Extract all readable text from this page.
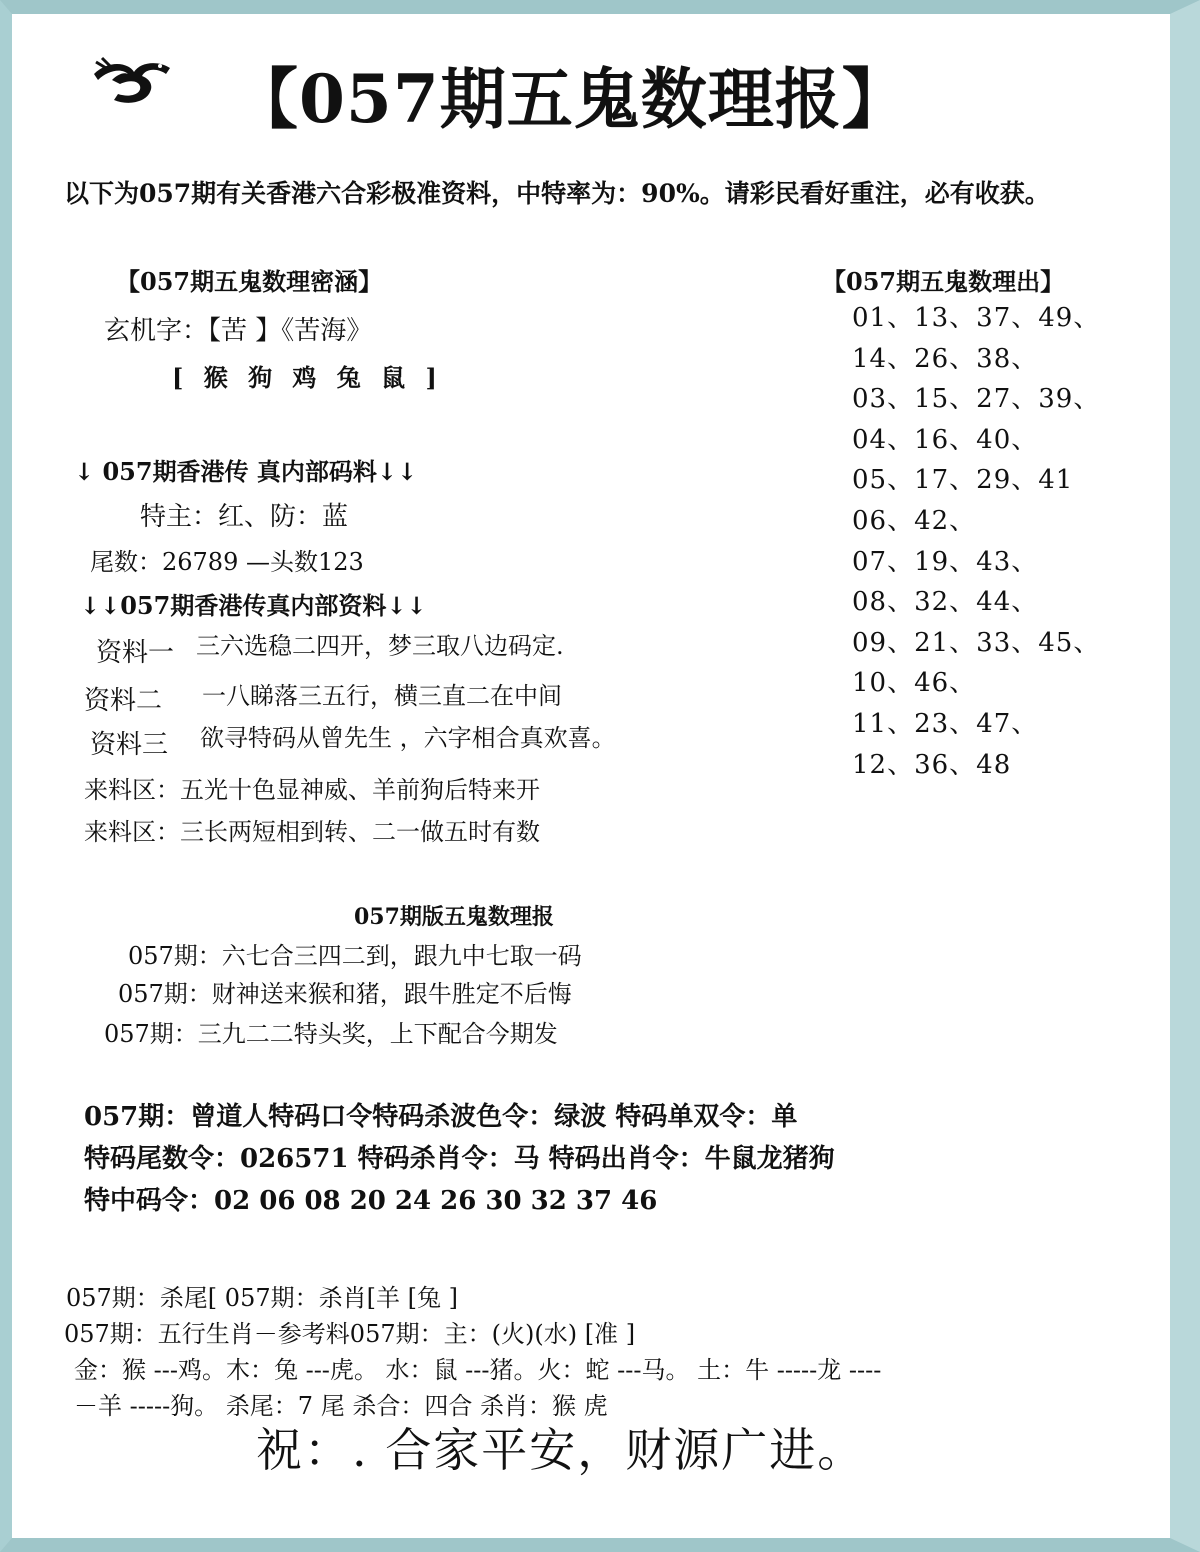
【057期五鬼数理报】
以下为057期有关香港六合彩极准资料，中特率为：90%。请彩民看好重注，必有收获。
【057期五鬼数理密涵】
玄机字：【苦 】《苦海》
[ 猴 狗 鸡 兔 鼠 ]
↓ 057期香港传 真内部码料↓↓
特主：红、防：蓝
尾数：26789 —头数123
↓↓057期香港传真内部资料↓↓
资料一 三六选稳二四开，梦三取八边码定.
资料二 一八睇落三五行，横三直二在中间
资料三 欲寻特码从曾先生 ，六字相合真欢喜。
来料区：五光十色显神威、羊前狗后特来开
来料区：三长两短相到转、二一做五时有数
【057期五鬼数理出】
01、13、37、49、
14、26、38、
03、15、27、39、
04、16、40、
05、17、29、41
06、42、
07、19、43、
08、32、44、
09、21、33、45、
10、46、
11、23、47、
12、36、48
057期版五鬼数理报
057期：六七合三四二到，跟九中七取一码
057期：财神送来猴和猪，跟牛胜定不后悔
057期：三九二二特头奖，上下配合今期发
057期：曾道人特码口令特码杀波色令：绿波 特码单双令：单
特码尾数令：026571 特码杀肖令：马 特码出肖令：牛鼠龙猪狗
特中码令：02 06 08 20 24 26 30 32 37 46
057期：杀尾[ 057期：杀肖[羊 [兔 ]
057期：五行生肖－参考料057期：主：(火)(水) [准 ]
金：猴 ---鸡。木：兔 ---虎。 水：鼠 ---猪。火：蛇 ---马。 土：牛 -----龙 ----
－羊 -----狗。 杀尾：7 尾 杀合：四合 杀肖：猴 虎
祝：. 合家平安，财源广进。
